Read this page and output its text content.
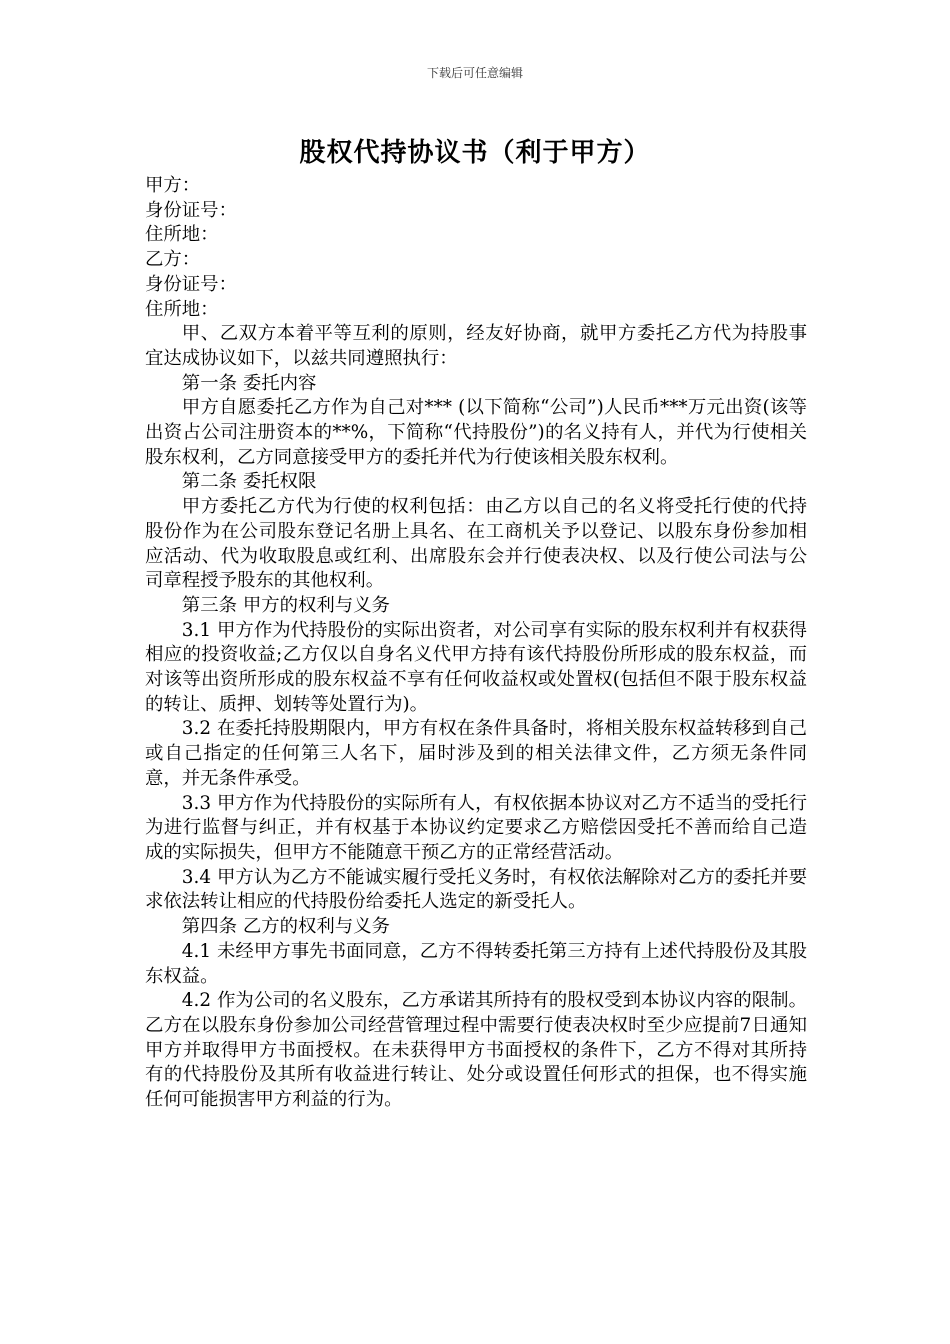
下载后可任意编辑
股权代持协议书（利于甲方）

甲方：

身份证号：

住所地：

乙方：

身份证号：

住所地：

甲、乙双方本着平等互利的原则，经友好协商，就甲方委托乙方代为持股事宜达成协议如下，以兹共同遵照执行：

第一条 委托内容

甲方自愿委托乙方作为自己对*** (以下简称“公司”)人民币***万元出资(该等出资占公司注册资本的**%，下简称“代持股份”)的名义持有人，并代为行使相关股东权利，乙方同意接受甲方的委托并代为行使该相关股东权利。

第二条 委托权限

甲方委托乙方代为行使的权利包括：由乙方以自己的名义将受托行使的代持股份作为在公司股东登记名册上具名、在工商机关予以登记、以股东身份参加相应活动、代为收取股息或红利、出席股东会并行使表决权、以及行使公司法与公司章程授予股东的其他权利。

第三条 甲方的权利与义务

3.1 甲方作为代持股份的实际出资者，对公司享有实际的股东权利并有权获得相应的投资收益;乙方仅以自身名义代甲方持有该代持股份所形成的股东权益，而对该等出资所形成的股东权益不享有任何收益权或处置权(包括但不限于股东权益的转让、质押、划转等处置行为)。

3.2 在委托持股期限内，甲方有权在条件具备时，将相关股东权益转移到自己或自己指定的任何第三人名下，届时涉及到的相关法律文件，乙方须无条件同意，并无条件承受。

3.3 甲方作为代持股份的实际所有人，有权依据本协议对乙方不适当的受托行为进行监督与纠正，并有权基于本协议约定要求乙方赔偿因受托不善而给自己造成的实际损失，但甲方不能随意干预乙方的正常经营活动。

3.4 甲方认为乙方不能诚实履行受托义务时，有权依法解除对乙方的委托并要求依法转让相应的代持股份给委托人选定的新受托人。

第四条 乙方的权利与义务

4.1 未经甲方事先书面同意，乙方不得转委托第三方持有上述代持股份及其股东权益。

4.2 作为公司的名义股东，乙方承诺其所持有的股权受到本协议内容的限制。乙方在以股东身份参加公司经营管理过程中需要行使表决权时至少应提前7日通知甲方并取得甲方书面授权。在未获得甲方书面授权的条件下，乙方不得对其所持有的代持股份及其所有收益进行转让、处分或设置任何形式的担保，也不得实施任何可能损害甲方利益的行为。
